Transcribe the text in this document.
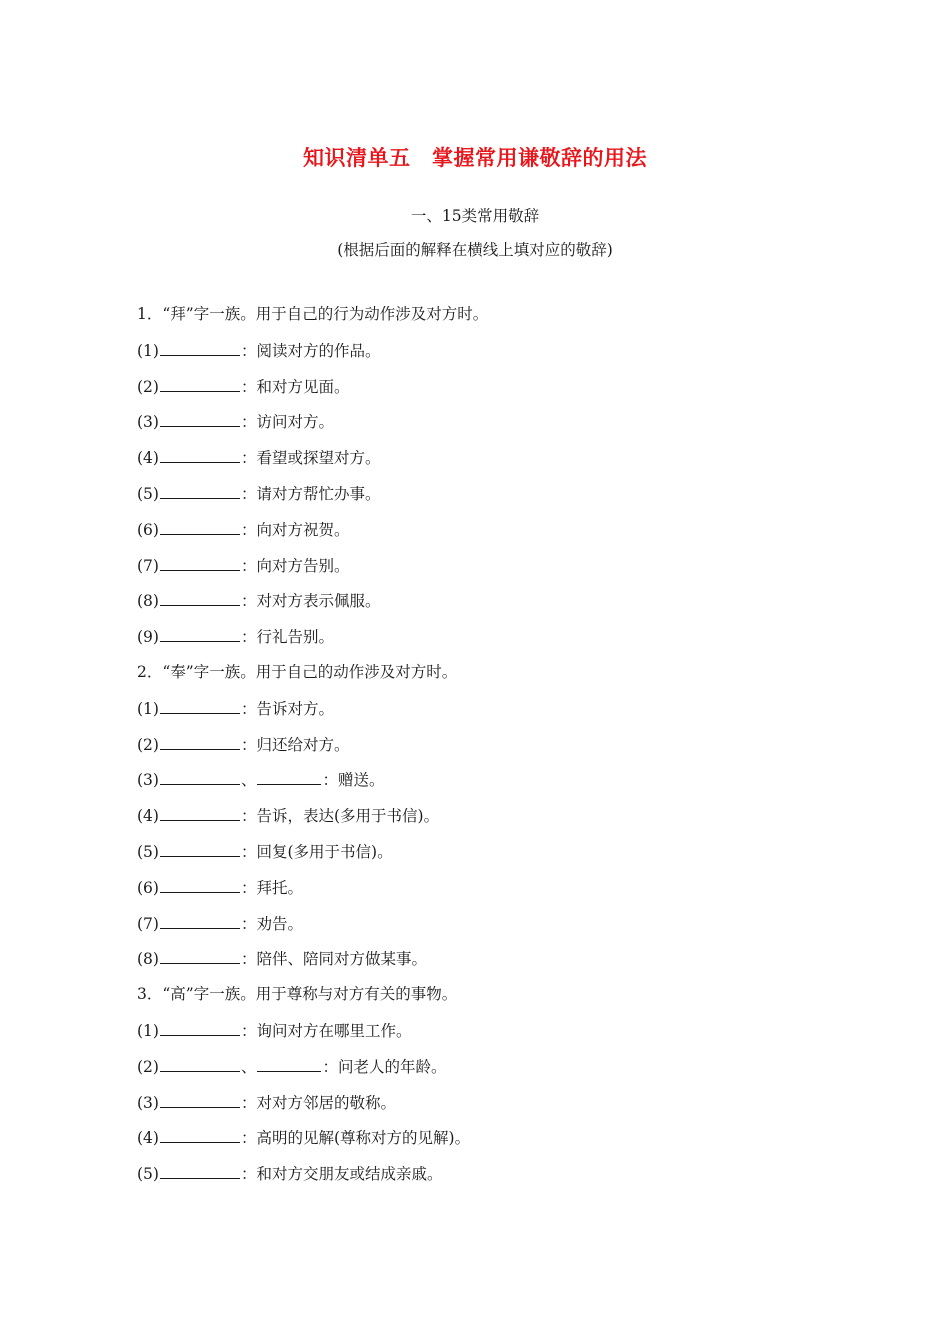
知识清单五　掌握常用谦敬辞的用法
一、15类常用敬辞
(根据后面的解释在横线上填对应的敬辞)
1．“拜”字一族。用于自己的行为动作涉及对方时。
(1)	：阅读对方的作品。
(2)	：和对方见面。
(3)	：访问对方。
(4)	：看望或探望对方。
(5)	：请对方帮忙办事。
(6)	：向对方祝贺。
(7)	：向对方告别。
(8)	：对对方表示佩服。
(9)	：行礼告别。
2．“奉”字一族。用于自己的动作涉及对方时。
(1)	：告诉对方。
(2)	：归还给对方。
(3)	、	：赠送。
(4)	：告诉，表达(多用于书信)。
(5)	：回复(多用于书信)。
(6)	：拜托。
(7)	：劝告。
(8)	：陪伴、陪同对方做某事。
3．“高”字一族。用于尊称与对方有关的事物。
(1)	：询问对方在哪里工作。
(2)	、	：问老人的年龄。
(3)	：对对方邻居的敬称。
(4)	：高明的见解(尊称对方的见解)。
(5)	：和对方交朋友或结成亲戚。
